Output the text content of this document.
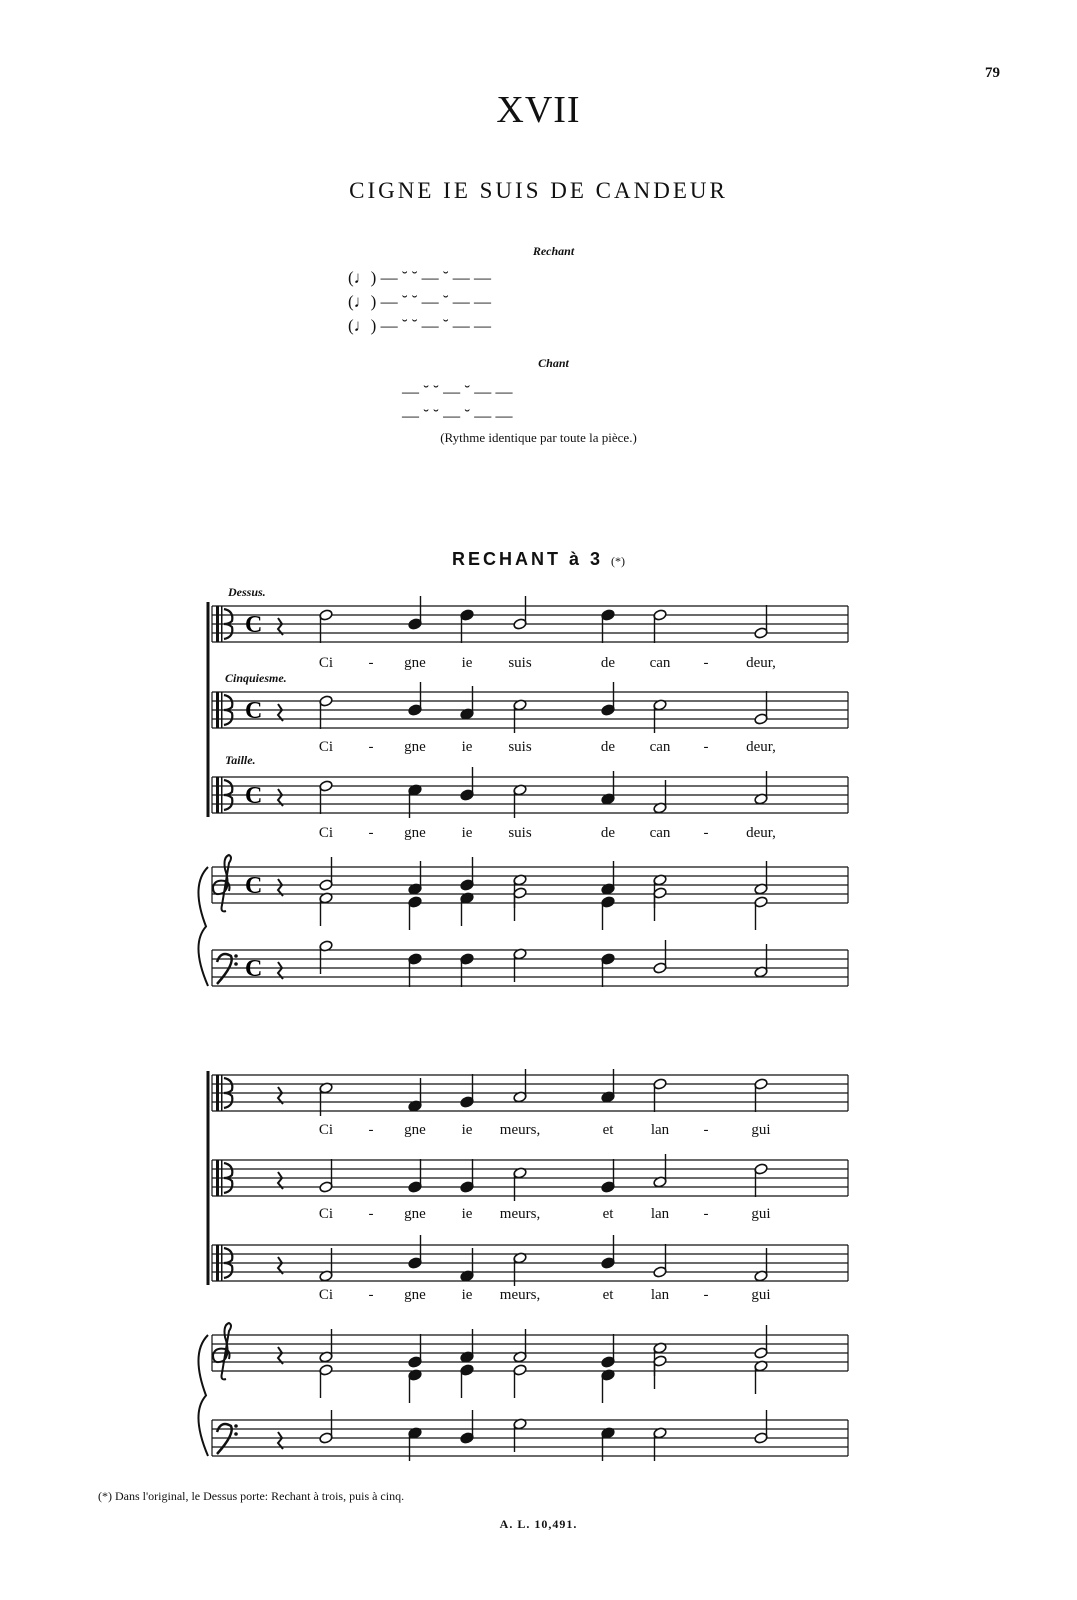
79
XVII
CIGNE IE SUIS DE CANDEUR
Rechant
(♩) — ˘ ˘ — ˘ — —
(♩) — ˘ ˘ — ˘ — —
(♩) — ˘ ˘ — ˘ — —
Chant
— ˘ ˘ — ˘ — —
— ˘ ˘ — ˘ — —
(Rythme identique par toute la pièce.)
RECHANT à 3 (*)
Dessus.
Cinquiesme.
Taille.
Ci - gne ie suis	de can -	deur,
Ci - gne ie suis	de can -	deur,
Ci - gne ie suis	de can -	deur,
Ci - gne ie meurs,	et lan -	gui
Ci - gne ie meurs,	et lan -	gui
Ci - gne ie meurs,	et lan -	gui
C
C
C
C
C
(*) Dans l'original, le Dessus porte: Rechant à trois, puis à cinq.
A. L. 10,491.
